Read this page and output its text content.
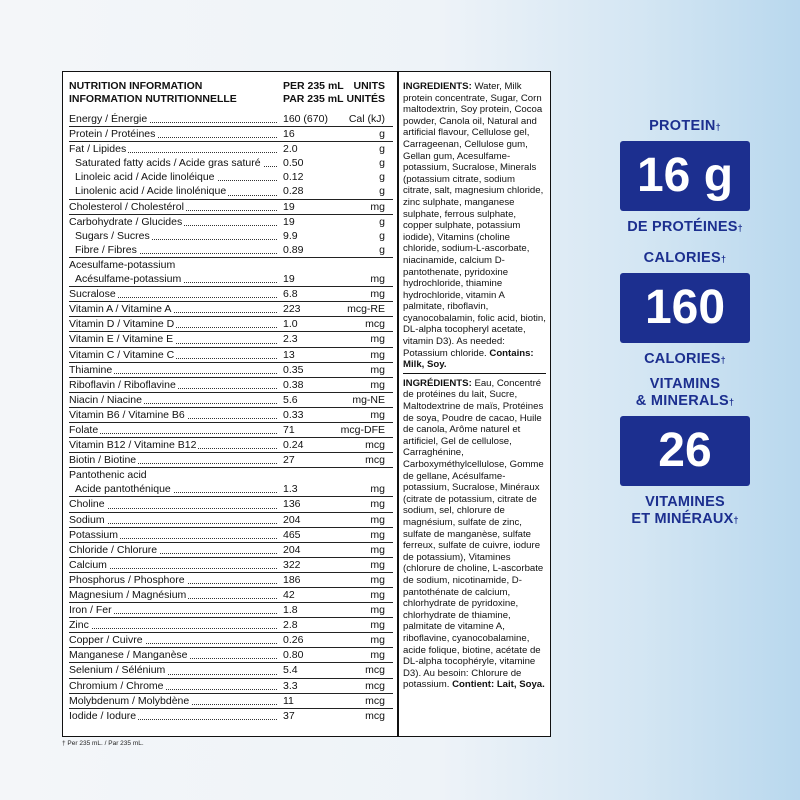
NUTRITION INFORMATION
INFORMATION NUTRITIONNELLE
PER 235 mL
PAR 235 mL
UNITS
UNITÉS
Energy / Énergie	160 (670) Cal (kJ)
Protein / Protéines	16	g
Fat / Lipides	2.0	g
Saturated fatty acids / Acide gras saturé	0.50	g
Linoleic acid / Acide linoléique	0.12	g
Linolenic acid / Acide linolénique	0.28	g
Cholesterol / Cholestérol	19	mg
Carbohydrate / Glucides	19	g
Sugars / Sucres	9.9	g
Fibre / Fibres	0.89	g
Acesulfame-potassium
Acésulfame-potassium	19	mg
Sucralose	6.8	mg
Vitamin A / Vitamine A	223	mcg-RE
Vitamin D / Vitamine D	1.0	mcg
Vitamin E / Vitamine E	2.3	mg
Vitamin C / Vitamine C	13	mg
Thiamine	0.35	mg
Riboflavin / Riboflavine	0.38	mg
Niacin / Niacine	5.6	mg-NE
Vitamin B6 / Vitamine B6	0.33	mg
Folate	71	mcg-DFE
Vitamin B12 / Vitamine B12	0.24	mcg
Biotin / Biotine	27	mcg
Pantothenic acid
Acide pantothénique	1.3	mg
Choline	136	mg
Sodium	204	mg
Potassium	465	mg
Chloride / Chlorure	204	mg
Calcium	322	mg
Phosphorus / Phosphore	186	mg
Magnesium / Magnésium	42	mg
Iron / Fer	1.8	mg
Zinc	2.8	mg
Copper / Cuivre	0.26	mg
Manganese / Manganèse	0.80	mg
Selenium / Sélénium	5.4	mcg
Chromium / Chrome	3.3	mcg
Molybdenum / Molybdène	11	mcg
Iodide / Iodure	37	mcg

INGREDIENTS: Water, Milk protein concentrate, Sugar, Corn maltodextrin, Soy protein, Cocoa powder, Canola oil, Natural and artificial flavour, Cellulose gel, Carrageenan, Cellulose gum, Gellan gum, Acesulfame-potassium, Sucralose, Minerals (potassium citrate, sodium citrate, salt, magnesium chloride, zinc sulphate, manganese sulphate, ferrous sulphate, copper sulphate, potassium iodide), Vitamins (choline chloride, sodium-L-ascorbate, niacinamide, calcium D-pantothenate, pyridoxine hydrochloride, thiamine hydrochloride, vitamin A palmitate, riboflavin, cyanocobalamin, folic acid, biotin, DL-alpha tocopheryl acetate, vitamin D3). As needed: Potassium chloride. Contains: Milk, Soy.

INGRÉDIENTS: Eau, Concentré de protéines du lait, Sucre, Maltodextrine de maïs, Protéines de soya, Poudre de cacao, Huile de canola, Arôme naturel et artificiel, Gel de cellulose, Carraghénine, Carboxyméthylcellulose, Gomme de gellane, Acésulfame-potassium, Sucralose, Minéraux (citrate de potassium, citrate de sodium, sel, chlorure de magnésium, sulfate de zinc, sulfate de manganèse, sulfate ferreux, sulfate de cuivre, iodure de potassium), Vitamines (chlorure de choline, L-ascorbate de sodium, nicotinamide, D-pantothénate de calcium, chlorhydrate de pyridoxine, chlorhydrate de thiamine, palmitate de vitamine A, riboflavine, cyanocobalamine, acide folique, biotine, acétate de DL-alpha tocophéryle, vitamine D3). Au besoin: Chlorure de potassium. Contient: Lait, Soya.

† Per 235 mL. / Par 235 mL.
PROTEIN†
16 g
DE PROTÉINES†
CALORIES†
160
CALORIES†
VITAMINS
& MINERALS†
26
VITAMINES
ET MINÉRAUX†
